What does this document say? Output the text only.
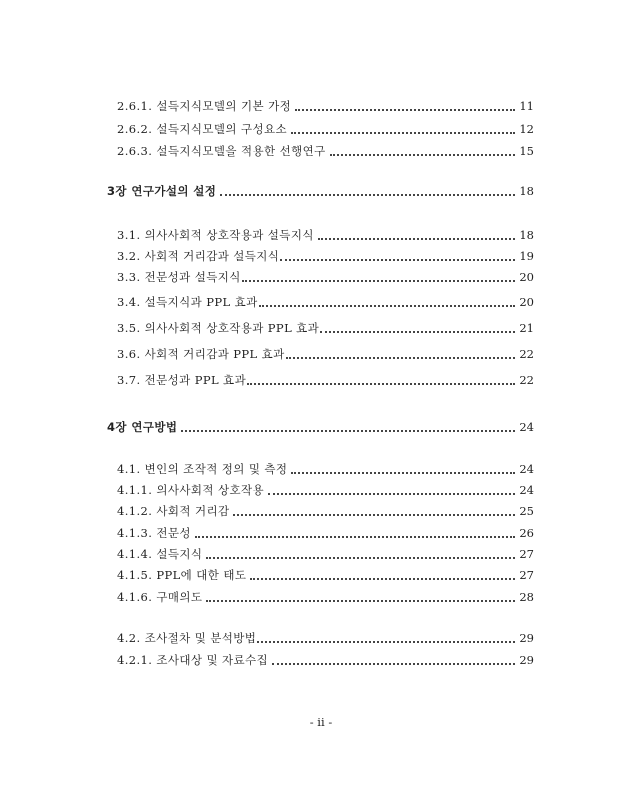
2.6.1. 설득지식모델의 기본 가정	11
2.6.2. 설득지식모델의 구성요소	12
2.6.3. 설득지식모델을 적용한 선행연구	15
3장 연구가설의 설정	18
3.1. 의사사회적 상호작용과 설득지식	18
3.2. 사회적 거리감과 설득지식	19
3.3. 전문성과 설득지식	20
3.4. 설득지식과 PPL 효과	20
3.5. 의사사회적 상호작용과 PPL 효과	21
3.6. 사회적 거리감과 PPL 효과	22
3.7. 전문성과 PPL 효과	22
4장 연구방법	24
4.1. 변인의 조작적 정의 및 측정	24
4.1.1. 의사사회적 상호작용	24
4.1.2. 사회적 거리감	25
4.1.3. 전문성	26
4.1.4. 설득지식	27
4.1.5. PPL에 대한 태도	27
4.1.6. 구매의도	28
4.2. 조사절차 및 분석방법	29
4.2.1. 조사대상 및 자료수집	29
- ii -
